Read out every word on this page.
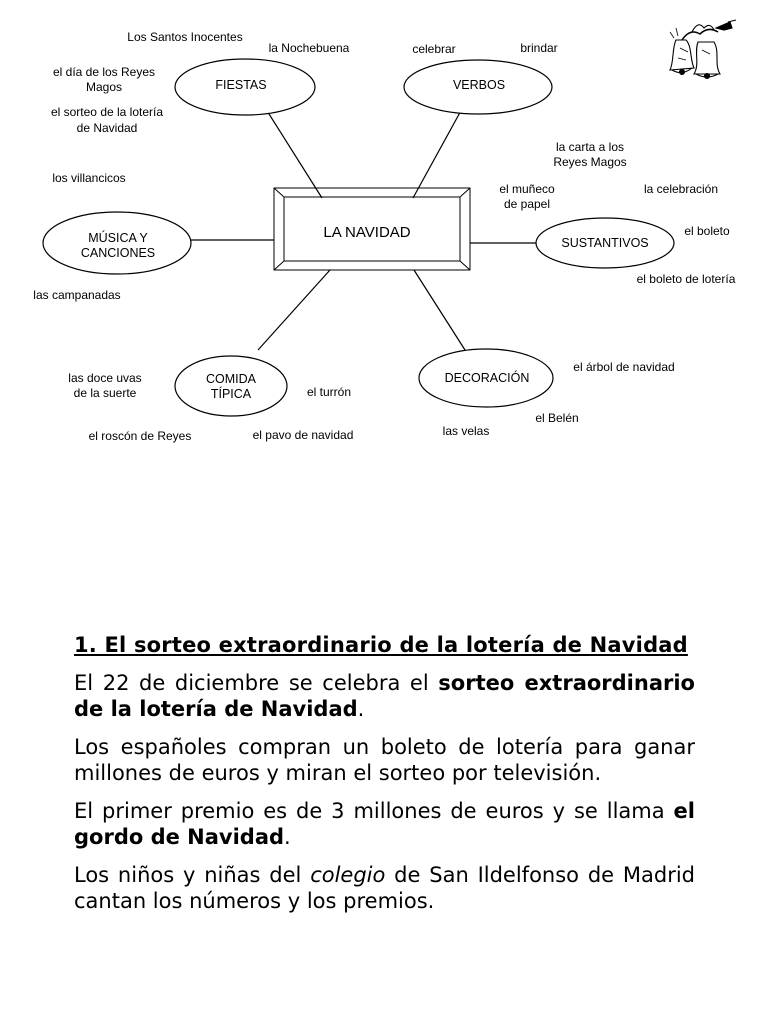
LA NAVIDAD
FIESTAS	VERBOS
MÚSICA Y
CANCIONES
SUSTANTIVOS
COMIDA
TÍPICA
DECORACIÓN
Los Santos Inocentes
la Nochebuena
el día de los Reyes
Magos
el sorteo de la lotería
de Navidad
los villancicos
las campanadas
celebrar	brindar
la carta a los
Reyes Magos
el muñeco
de papel
la celebración
el boleto
el boleto de lotería
las doce uvas
de la suerte	el turrón
el roscón de Reyes	el pavo de navidad	las velas
el Belén
el árbol de navidad
1. El sorteo extraordinario de la lotería de Navidad

El 22 de diciembre se celebra el sorteo extraordinario de la lotería de Navidad.

Los españoles compran un boleto de lotería para ganar millones de euros y miran el sorteo por televisión.

El primer premio es de 3 millones de euros y se llama el gordo de Navidad.

Los niños y niñas del colegio de San Ildelfonso de Madrid cantan los números y los premios.
